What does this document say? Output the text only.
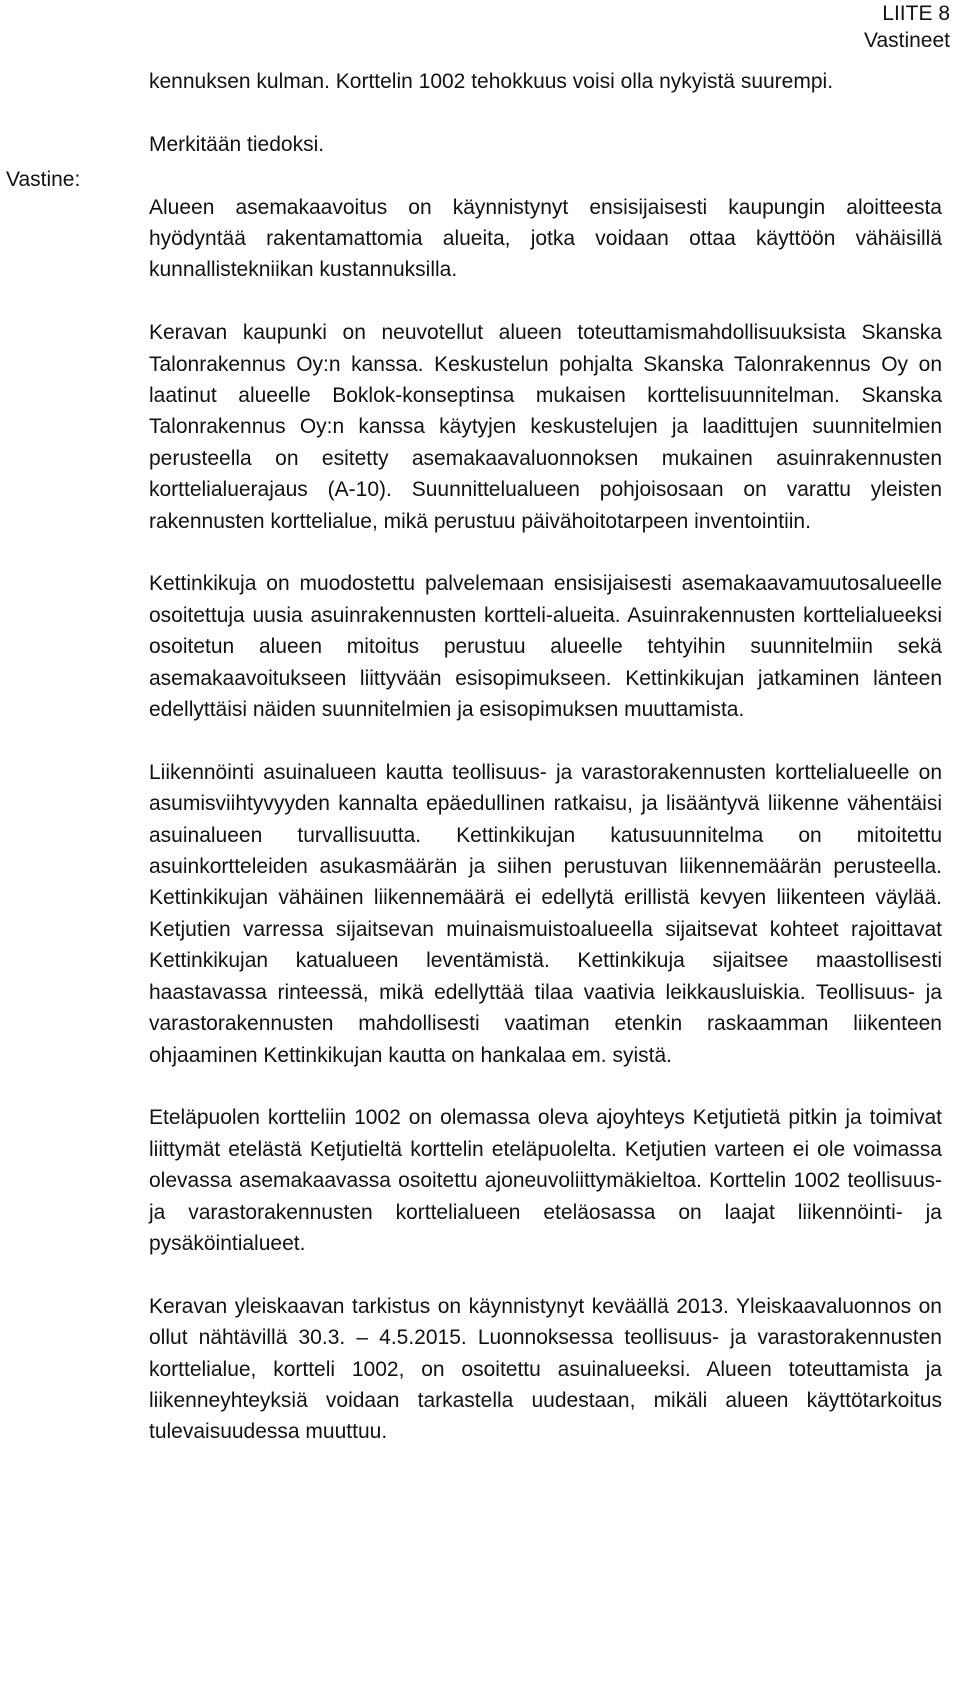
LIITE 8
Vastineet
Vastine:

kennuksen kulman. Korttelin 1002 tehokkuus voisi olla nykyistä suurempi.

Merkitään tiedoksi.

Alueen asemakaavoitus on käynnistynyt ensisijaisesti kaupungin aloitteesta hyödyntää rakentamattomia alueita, jotka voidaan ottaa käyttöön vähäisillä kunnallistekniikan kustannuksilla.

Keravan kaupunki on neuvotellut alueen toteuttamismahdollisuuksista Skanska Talonrakennus Oy:n kanssa. Keskustelun pohjalta Skanska Talonrakennus Oy on laatinut alueelle Boklok-konseptinsa mukaisen korttelisuunnitelman. Skanska Talonrakennus Oy:n kanssa käytyjen keskustelujen ja laadittujen suunnitelmien perusteella on esitetty asemakaavaluonnoksen mukainen asuinrakennusten korttelialuerajaus (A-10). Suunnittelualueen pohjoisosaan on varattu yleisten rakennusten korttelialue, mikä perustuu päivähoitotarpeen inventointiin.

Kettinkikuja on muodostettu palvelemaan ensisijaisesti asemakaavamuutosalueelle osoitettuja uusia asuinrakennusten kortteli-alueita. Asuinrakennusten korttelialueeksi osoitetun alueen mitoitus perustuu alueelle tehtyihin suunnitelmiin sekä asemakaavoitukseen liittyvään esisopimukseen. Kettinkikujan jatkaminen länteen edellyttäisi näiden suunnitelmien ja esisopimuksen muuttamista.

Liikennöinti asuinalueen kautta teollisuus- ja varastorakennusten korttelialueelle on asumisviihtyvyyden kannalta epäedullinen ratkaisu, ja lisääntyvä liikenne vähentäisi asuinalueen turvallisuutta. Kettinkikujan katusuunnitelma on mitoitettu asuinkortteleiden asukasmäärän ja siihen perustuvan liikennemäärän perusteella. Kettinkikujan vähäinen liikennemäärä ei edellytä erillistä kevyen liikenteen väylää. Ketjutien varressa sijaitsevan muinaismuistoalueella sijaitsevat kohteet rajoittavat Kettinkikujan katualueen leventämistä. Kettinkikuja sijaitsee maastollisesti haastavassa rinteessä, mikä edellyttää tilaa vaativia leikkausluiskia. Teollisuus- ja varastorakennusten mahdollisesti vaatiman etenkin raskaamman liikenteen ohjaaminen Kettinkikujan kautta on hankalaa em. syistä.

Eteläpuolen kortteliin 1002 on olemassa oleva ajoyhteys Ketjutietä pitkin ja toimivat liittymät etelästä Ketjutieltä korttelin eteläpuolelta. Ketjutien varteen ei ole voimassa olevassa asemakaavassa osoitettu ajoneuvoliittymäkieltoa. Korttelin 1002 teollisuus- ja varastorakennusten korttelialueen eteläosassa on laajat liikennöinti- ja pysäköintialueet.

Keravan yleiskaavan tarkistus on käynnistynyt keväällä 2013. Yleiskaavaluonnos on ollut nähtävillä 30.3. – 4.5.2015. Luonnoksessa teollisuus- ja varastorakennusten korttelialue, kortteli 1002, on osoitettu asuinalueeksi. Alueen toteuttamista ja liikenneyhteyksiä voidaan tarkastella uudestaan, mikäli alueen käyttötarkoitus tulevaisuudessa muuttuu.
